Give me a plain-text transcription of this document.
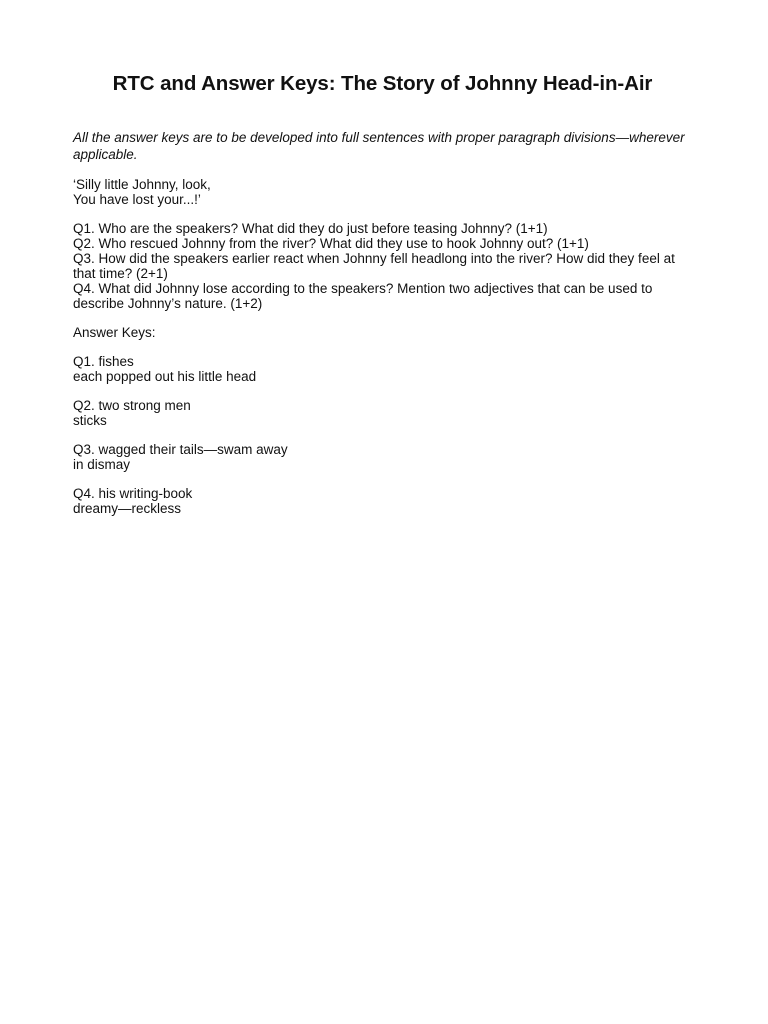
RTC and Answer Keys: The Story of Johnny Head-in-Air

All the answer keys are to be developed into full sentences with proper paragraph divisions—wherever applicable.

‘Silly little Johnny, look,
You have lost your...!’
Q1. Who are the speakers? What did they do just before teasing Johnny? (1+1)
Q2. Who rescued Johnny from the river? What did they use to hook Johnny out? (1+1)
Q3. How did the speakers earlier react when Johnny fell headlong into the river? How did they feel at that time? (2+1)
Q4. What did Johnny lose according to the speakers? Mention two adjectives that can be used to describe Johnny’s nature. (1+2)
Answer Keys:
Q1. fishes
each popped out his little head
Q2. two strong men
sticks
Q3. wagged their tails—swam away
in dismay
Q4. his writing-book
dreamy—reckless
